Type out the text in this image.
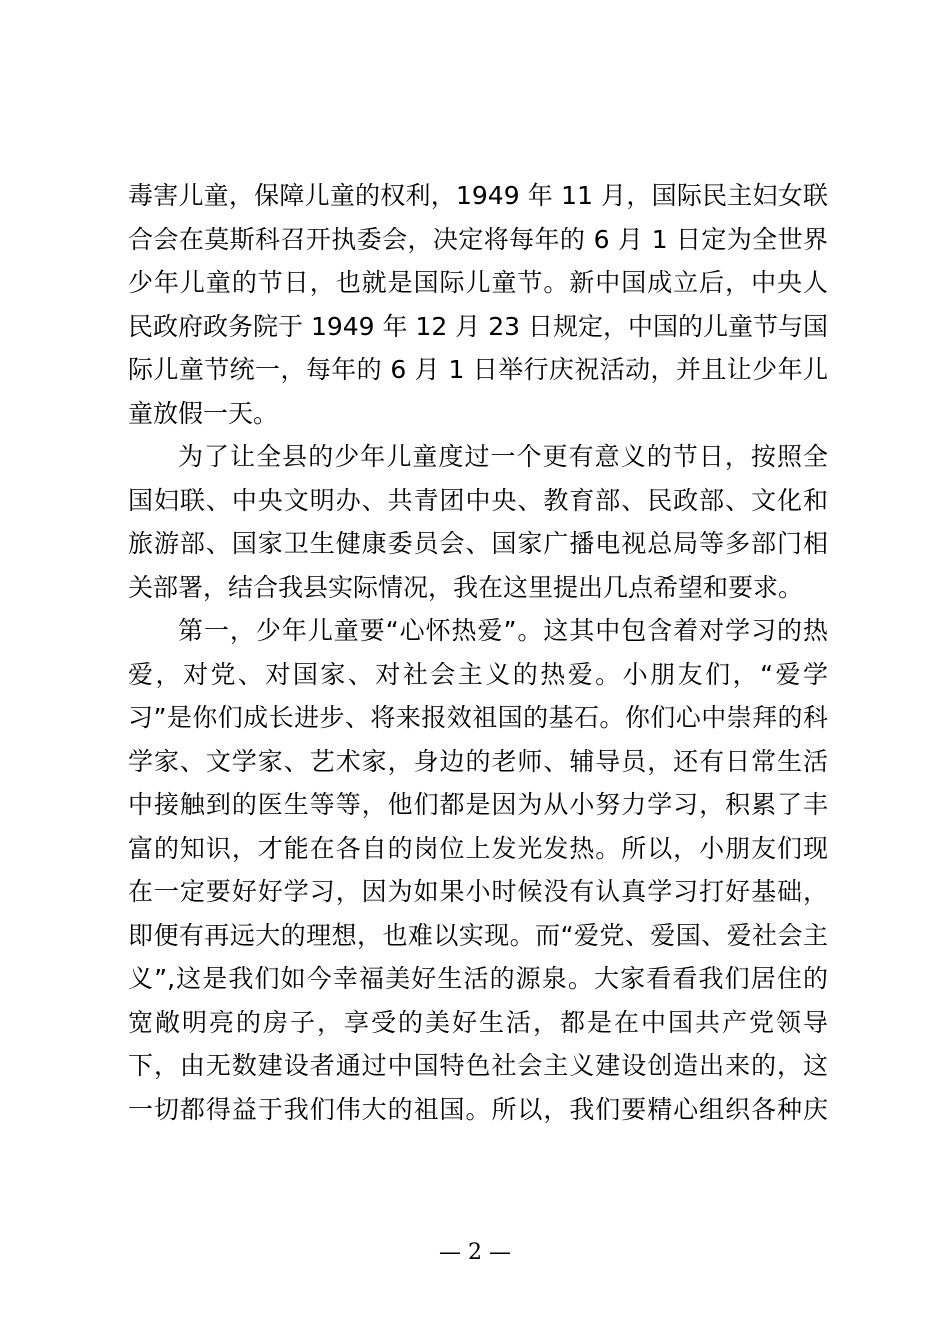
毒害儿童，保障儿童的权利，1949 年 11 月，国际民主妇女联
合会在莫斯科召开执委会，决定将每年的 6 月 1 日定为全世界
少年儿童的节日，也就是国际儿童节。新中国成立后，中央人
民政府政务院于 1949 年 12 月 23 日规定，中国的儿童节与国
际儿童节统一，每年的 6 月 1 日举行庆祝活动，并且让少年儿
童放假一天。
为了让全县的少年儿童度过一个更有意义的节日，按照全
国妇联、中央文明办、共青团中央、教育部、民政部、文化和
旅游部、国家卫生健康委员会、国家广播电视总局等多部门相
关部署，结合我县实际情况，我在这里提出几点希望和要求。
第一，少年儿童要“心怀热爱”。这其中包含着对学习的热
爱，对党、对国家、对社会主义的热爱。小朋友们，“爱学
习”是你们成长进步、将来报效祖国的基石。你们心中崇拜的科
学家、文学家、艺术家，身边的老师、辅导员，还有日常生活
中接触到的医生等等，他们都是因为从小努力学习，积累了丰
富的知识，才能在各自的岗位上发光发热。所以，小朋友们现
在一定要好好学习，因为如果小时候没有认真学习打好基础，
即便有再远大的理想，也难以实现。而“爱党、爱国、爱社会主
义”,这是我们如今幸福美好生活的源泉。大家看看我们居住的
宽敞明亮的房子，享受的美好生活，都是在中国共产党领导
下，由无数建设者通过中国特色社会主义建设创造出来的，这
一切都得益于我们伟大的祖国。所以，我们要精心组织各种庆
— 2 —
